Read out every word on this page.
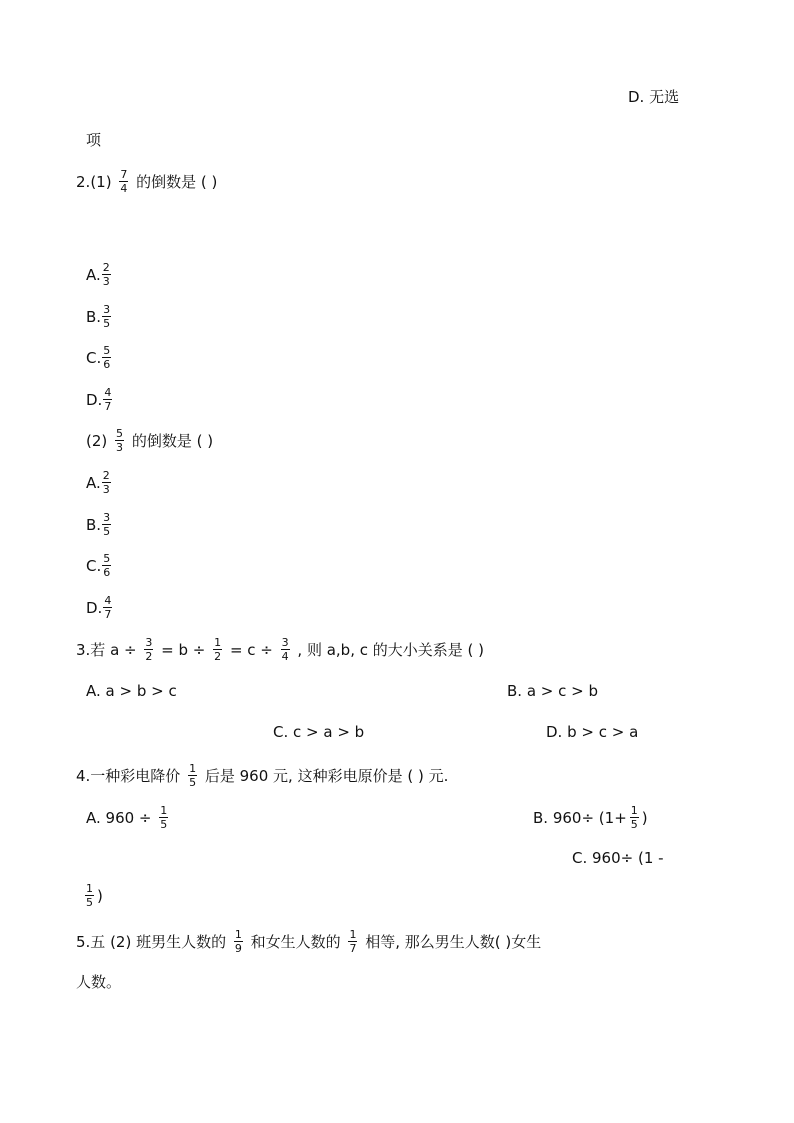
D. 无选
项
$2.(1) \frac{7}{4}$ 的倒数是 ( )
A. $\frac{2}{3}$
B. $\frac{3}{5}$
C. $\frac{5}{6}$
D. $\frac{4}{7}$
$(2) \frac{5}{3}$ 的倒数是 ( )
A. $\frac{2}{3}$
B. $\frac{3}{5}$
C. $\frac{5}{6}$
D. $\frac{4}{7}$
3.若 $a \div \frac{3}{2} = b \div \frac{1}{2} = c \div \frac{3}{4}$ , 则 a,b, c 的大小关系是 ( )
A. a > b > c	B. a > c > b
C. c > a > b	D. b > c > a
4.一种彩电降价 $\frac{1}{5}$ 后是 960 元, 这种彩电原价是 ( ) 元.
A. $960 \div \frac{1}{5}$	B. $960\div (1+ \frac{1}{5}$ )
C. 960÷ (1 -
$\frac{1}{5}$ )
5.五 (2) 班男生人数的 $\frac{1}{9}$ 和女生人数的 $\frac{1}{7}$ 相等, 那么男生人数( )女生
人数。
